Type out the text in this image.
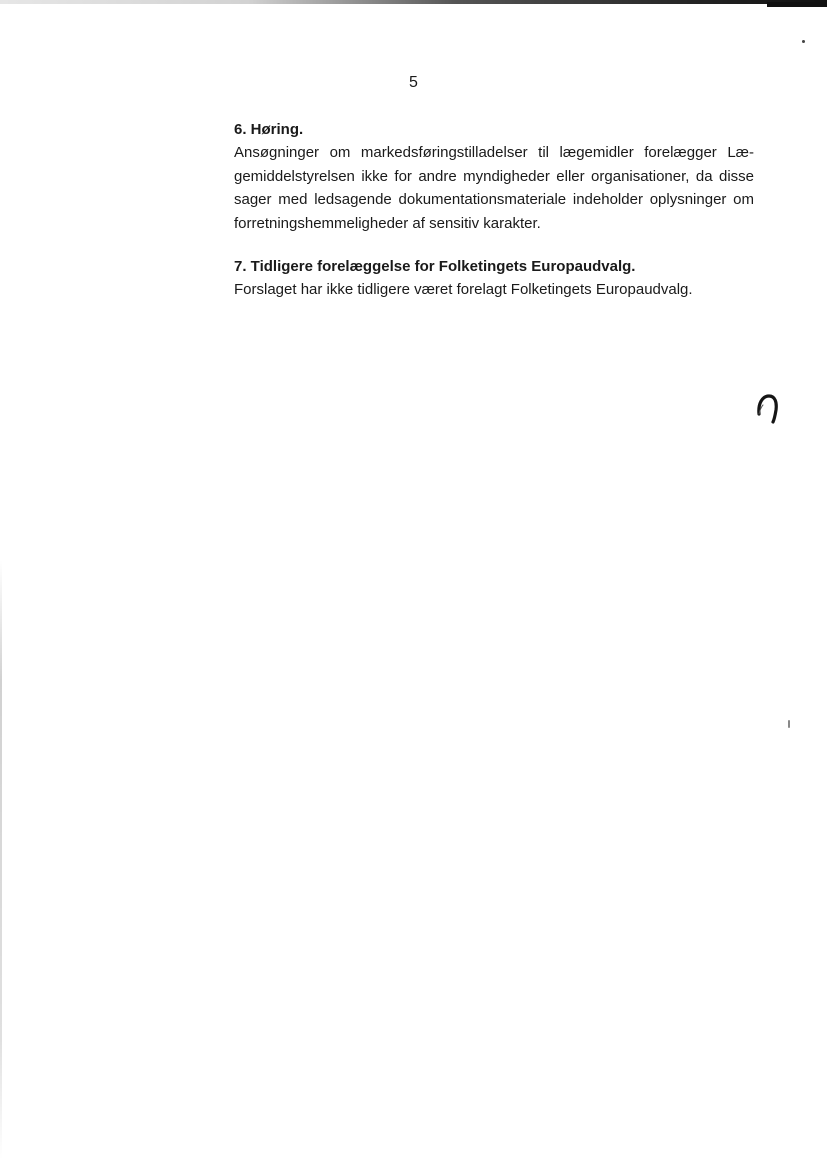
5

6. Høring.

Ansøgninger om markedsføringstilladelser til lægemidler forelægger Lægemiddelstyrelsen ikke for andre myndigheder eller organisationer, da disse sager med ledsagende dokumentationsmateriale indeholder oplysninger om forretningshemmeligheder af sensitiv karakter.

7. Tidligere forelæggelse for Folketingets Europaudvalg.

Forslaget har ikke tidligere været forelagt Folketingets Europaudvalg.
